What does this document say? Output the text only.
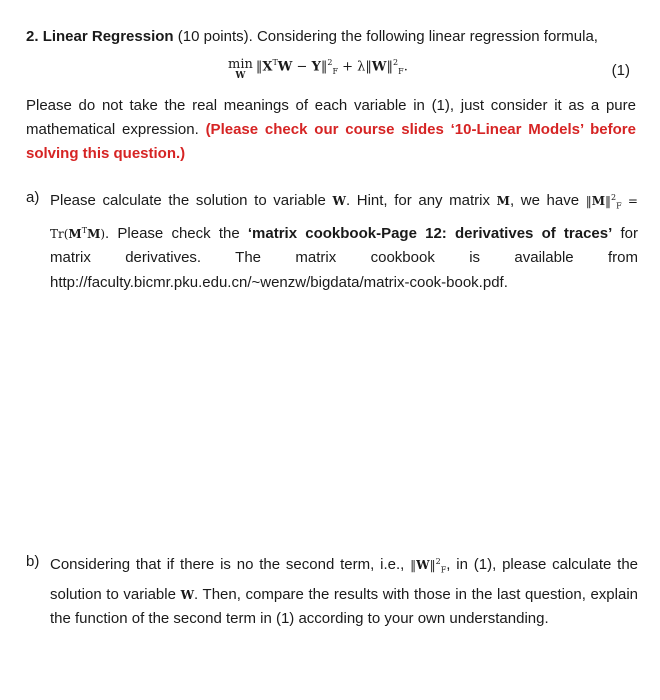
2. Linear Regression (10 points). Considering the following linear regression formula,
min
W
$‖X^TW$ − Y‖$^2_F$ + λ‖W‖$^2_F$.	(1)
Please do not take the real meanings of each variable in (1), just consider it as a pure mathematical expression. (Please check our course slides ‘10-Linear Models’ before solving this question.)
a) Please calculate the solution to variable W. Hint, for any matrix M, we have ‖M‖$^2_F$ = $Tr(M^TM)$. Please check the ‘matrix cookbook-Page 12: derivatives of traces’ for matrix derivatives. The matrix cookbook is available from http://faculty.bicmr.pku.edu.cn/~wenzw/bigdata/matrix-cook-book.pdf.
b) Considering that if there is no the second term, i.e., ‖W‖$^2_F$, in (1), please calculate the solution to variable W. Then, compare the results with those in the last question, explain the function of the second term in (1) according to your own understanding.
